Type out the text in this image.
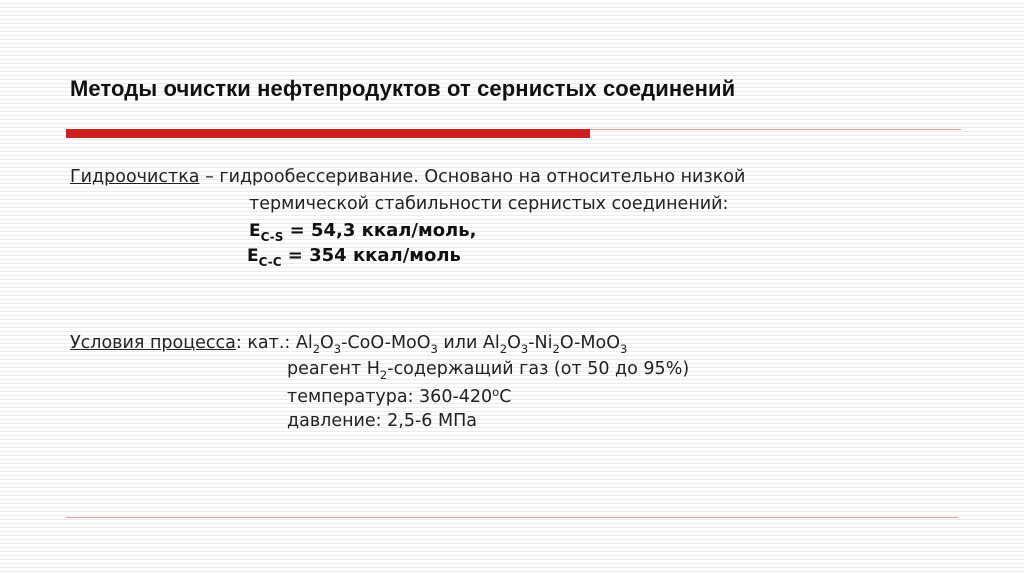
Методы очистки нефтепродуктов от сернистых соединений
Гидроочистка – гидрообессеривание. Основано на относительно низкой
термической стабильности сернистых соединений:
$E_{C-S} = 54,3$ ккал/моль,
$E_{C-C} = 354$ ккал/моль
Условия процесса: кат.: $Al_2O_3-CoO-MoO_3$ или $Al_2O_3-Ni_2O-MoO_3$
реагент $H_2$-содержащий газ (от 50 до 95%)
температура: $360-420^оС$
давление: 2,5-6 МПа
